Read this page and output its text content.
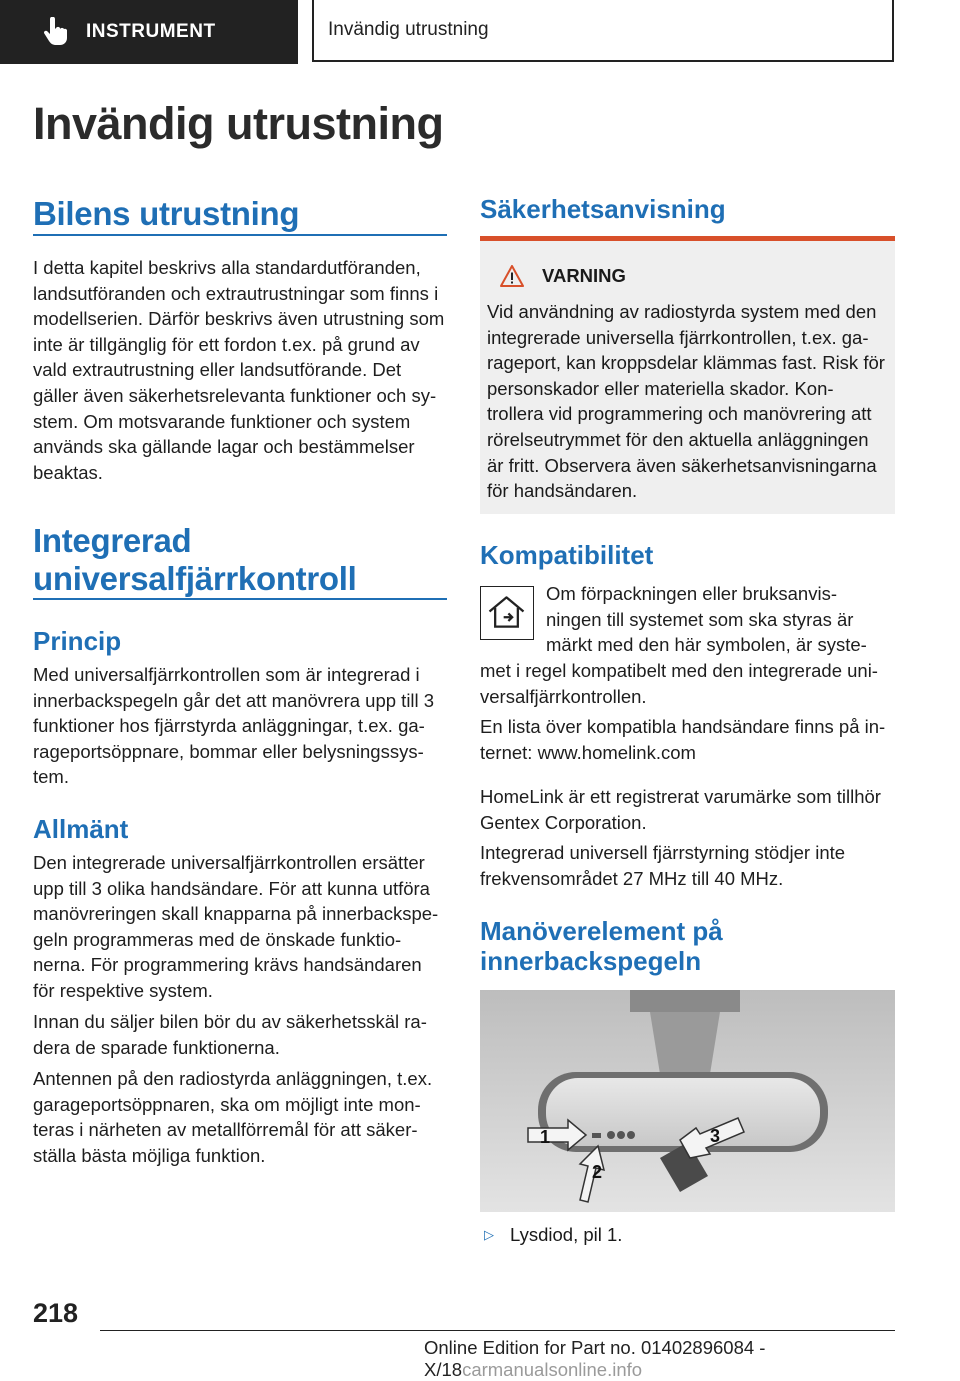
INSTRUMENT	Invändig utrustning
Invändig utrustning
Bilens utrustning

I detta kapitel beskrivs alla standardutföranden, landsutföranden och extrautrustningar som finns i modellserien. Därför beskrivs även utrustning som inte är tillgänglig för ett fordon t.ex. på grund av vald extrautrustning eller landsutförande. Det gäller även säkerhetsrelevanta funktioner och sy-stem. Om motsvarande funktioner och system används ska gällande lagar och bestämmelser beaktas.

Integrerad
universalfjärrkontroll
Princip

Med universalfjärrkontrollen som är integrerad i innerbackspegeln går det att manövrera upp till 3 funktioner hos fjärrstyrda anläggningar, t.ex. ga-rageportsöppnare, bommar eller belysningssys-tem.

Allmänt

Den integrerade universalfjärrkontrollen ersätter upp till 3 olika handsändare. För att kunna utföra manövreringen skall knapparna på innerbackspe-geln programmeras med de önskade funktio-nerna. För programmering krävs handsändaren för respektive system.

Innan du säljer bilen bör du av säkerhetsskäl ra-dera de sparade funktionerna.

Antennen på den radiostyrda anläggningen, t.ex. garageportsöppnaren, ska om möjligt inte mon-teras i närheten av metallförremål för att säker-ställa bästa möjliga funktion.

Säkerhetsanvisning
VARNING

Vid användning av radiostyrda system med den integrerade universella fjärrkontrollen, t.ex. ga-rageport, kan kroppsdelar klämmas fast. Risk för personskador eller materiella skador. Kon-trollera vid programmering och manövrering att rörelseutrymmet för den aktuella anläggningen är fritt. Observera även säkerhetsanvisningarna för handsändaren.

Kompatibilitet

Om förpackningen eller bruksanvis-ningen till systemet som ska styras är märkt med den här symbolen, är syste-

met i regel kompatibelt med den integrerade uni-versalfjärrkontrollen.

En lista över kompatibla handsändare finns på in-ternet: www.homelink.com

HomeLink är ett registrerat varumärke som tillhör Gentex Corporation.

Integrerad universell fjärrstyrning stödjer inte frekvensområdet 27 MHz till 40 MHz.

Manöverelement på
innerbackspegeln
1
2
3
▷ Lysdiod, pil 1.
218
Online Edition for Part no. 01402896084 - X/18carmanualsonline.info
